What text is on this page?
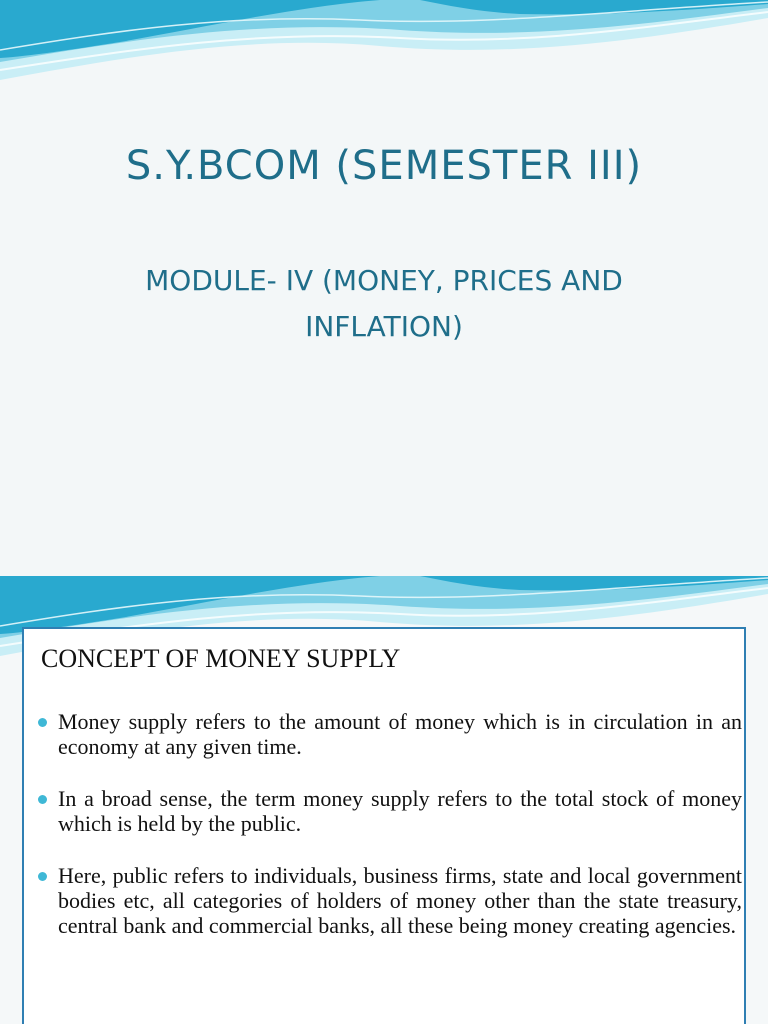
S.Y.BCOM (SEMESTER III)
MODULE- IV (MONEY, PRICES AND INFLATION)
CONCEPT OF MONEY SUPPLY
Money supply refers to the amount of money which is in circulation in an economy at any given time.
In a broad sense, the term money supply refers to the total stock of money which is held by the public.
Here, public refers to individuals, business firms, state and local government bodies etc, all categories of holders of money other than the state treasury, central bank and commercial banks, all these being money creating agencies.
